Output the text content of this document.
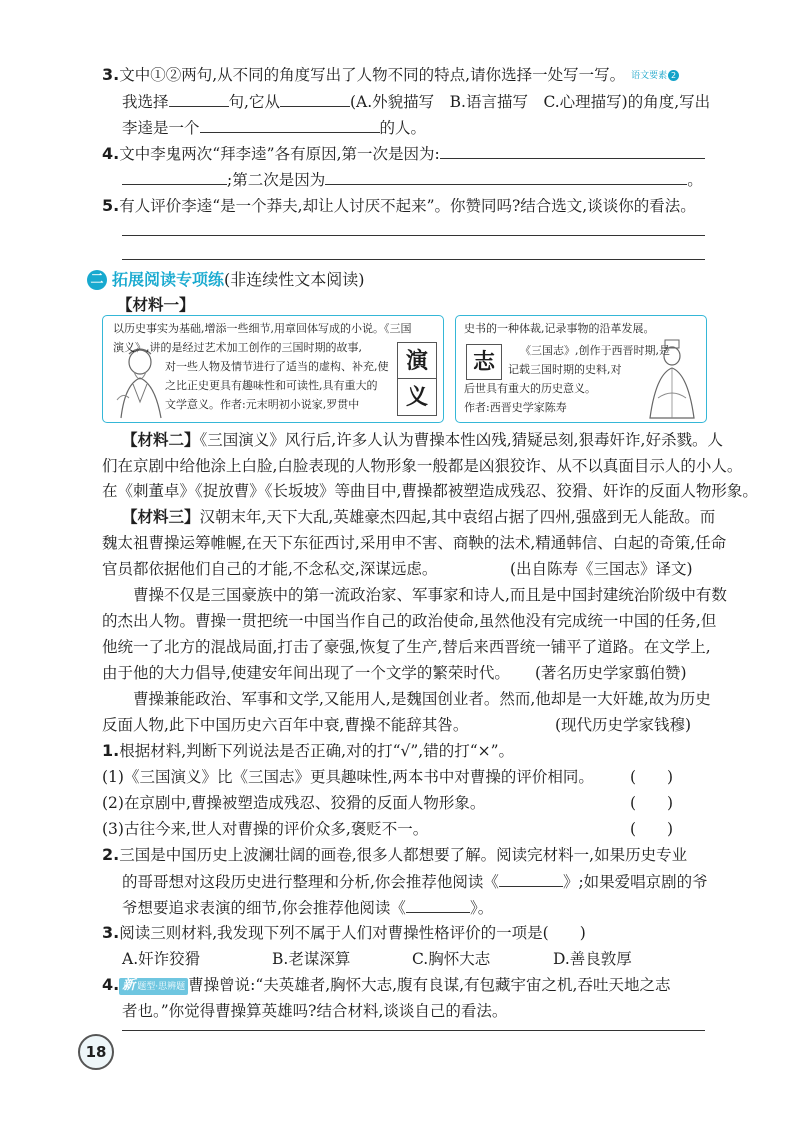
3.文中①②两句,从不同的角度写出了人物不同的特点,请你选择一处写一写。 语文要素 2
我选择	句,它从	(A.外貌描写　B.语言描写　C.心理描写)的角度,写出
李逵是一个	的人。
4.文中李鬼两次“拜李逵”各有原因,第一次是因为:
;第二次是因为	。
5.有人评价李逵“是一个莽夫,却让人讨厌不起来”。你赞同吗?结合选文,谈谈你的看法。
二 拓展阅读专项练(非连续性文本阅读)
【材料一】
以历史事实为基础,增添一些细节,用章回体写成的小说。《三国
演义》,讲的是经过艺术加工创作的三国时期的故事,
对一些人物及情节进行了适当的虚构、补充,使
之比正史更具有趣味性和可读性,具有重大的
文学意义。作者:元末明初小说家,罗贯中
演
义
史书的一种体裁,记录事物的沿革发展。
志	《三国志》,创作于西晋时期,是
记载三国时期的史料,对
后世具有重大的历史意义。
作者:西晋史学家陈寿
【材料二】《三国演义》风行后,许多人认为曹操本性凶残,猜疑忌刻,狠毒奸诈,好杀戮。人
们在京剧中给他涂上白脸,白脸表现的人物形象一般都是凶狠狡诈、从不以真面目示人的小人。
在《刺董卓》《捉放曹》《长坂坡》等曲目中,曹操都被塑造成残忍、狡猾、奸诈的反面人物形象。
【材料三】汉朝末年,天下大乱,英雄豪杰四起,其中袁绍占据了四州,强盛到无人能敌。而
魏太祖曹操运筹帷幄,在天下东征西讨,采用申不害、商鞅的法术,精通韩信、白起的奇策,任命
官员都依据他们自己的才能,不念私交,深谋远虑。	(出自陈寿《三国志》译文)
曹操不仅是三国豪族中的第一流政治家、军事家和诗人,而且是中国封建统治阶级中有数
的杰出人物。曹操一贯把统一中国当作自己的政治使命,虽然他没有完成统一中国的任务,但
他统一了北方的混战局面,打击了豪强,恢复了生产,替后来西晋统一铺平了道路。在文学上,
由于他的大力倡导,使建安年间出现了一个文学的繁荣时代。 (著名历史学家翦伯赞)
曹操兼能政治、军事和文学,又能用人,是魏国创业者。然而,他却是一大奸雄,故为历史
反面人物,此下中国历史六百年中衰,曹操不能辞其咎。	(现代历史学家钱穆)
1.根据材料,判断下列说法是否正确,对的打“√”,错的打“×”。
(1)《三国演义》比《三国志》更具趣味性,两本书中对曹操的评价相同。 (　　)
(2)在京剧中,曹操被塑造成残忍、狡猾的反面人物形象。	(　　)
(3)古往今来,世人对曹操的评价众多,褒贬不一。	(　　)
2.三国是中国历史上波澜壮阔的画卷,很多人都想要了解。阅读完材料一,如果历史专业
的哥哥想对这段历史进行整理和分析,你会推荐他阅读《	》;如果爱唱京剧的爷
爷想要追求表演的细节,你会推荐他阅读《	》。
3.阅读三则材料,我发现下列不属于人们对曹操性格评价的一项是(　　)
A.奸诈狡猾	B.老谋深算	C.胸怀大志	D.善良敦厚
4. 新 题型·思辨题 曹操曾说:“夫英雄者,胸怀大志,腹有良谋,有包藏宇宙之机,吞吐天地之志
者也。”你觉得曹操算英雄吗?结合材料,谈谈自己的看法。
18
